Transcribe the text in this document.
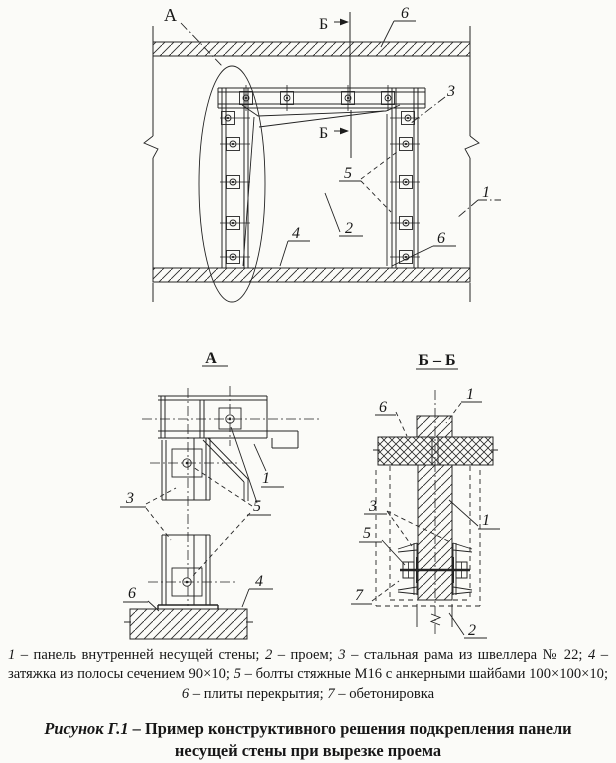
А	Б
Б
6
3
1
5
2
4	6
А
1
3	5
6
4
Б – Б
6
1
3
5
7
1
2
1 – панель внутренней несущей стены; 2 – проем; 3 – стальная рама из швеллера № 22; 4 – затяжка из полосы сечением 90×10; 5 – болты стяжные М16 с анкерными шайбами 100×100×10; 6 – плиты перекрытия; 7 – обетонировка
Рисунок Г.1 – Пример конструктивного решения подкрепления панели несущей стены при вырезке проема
